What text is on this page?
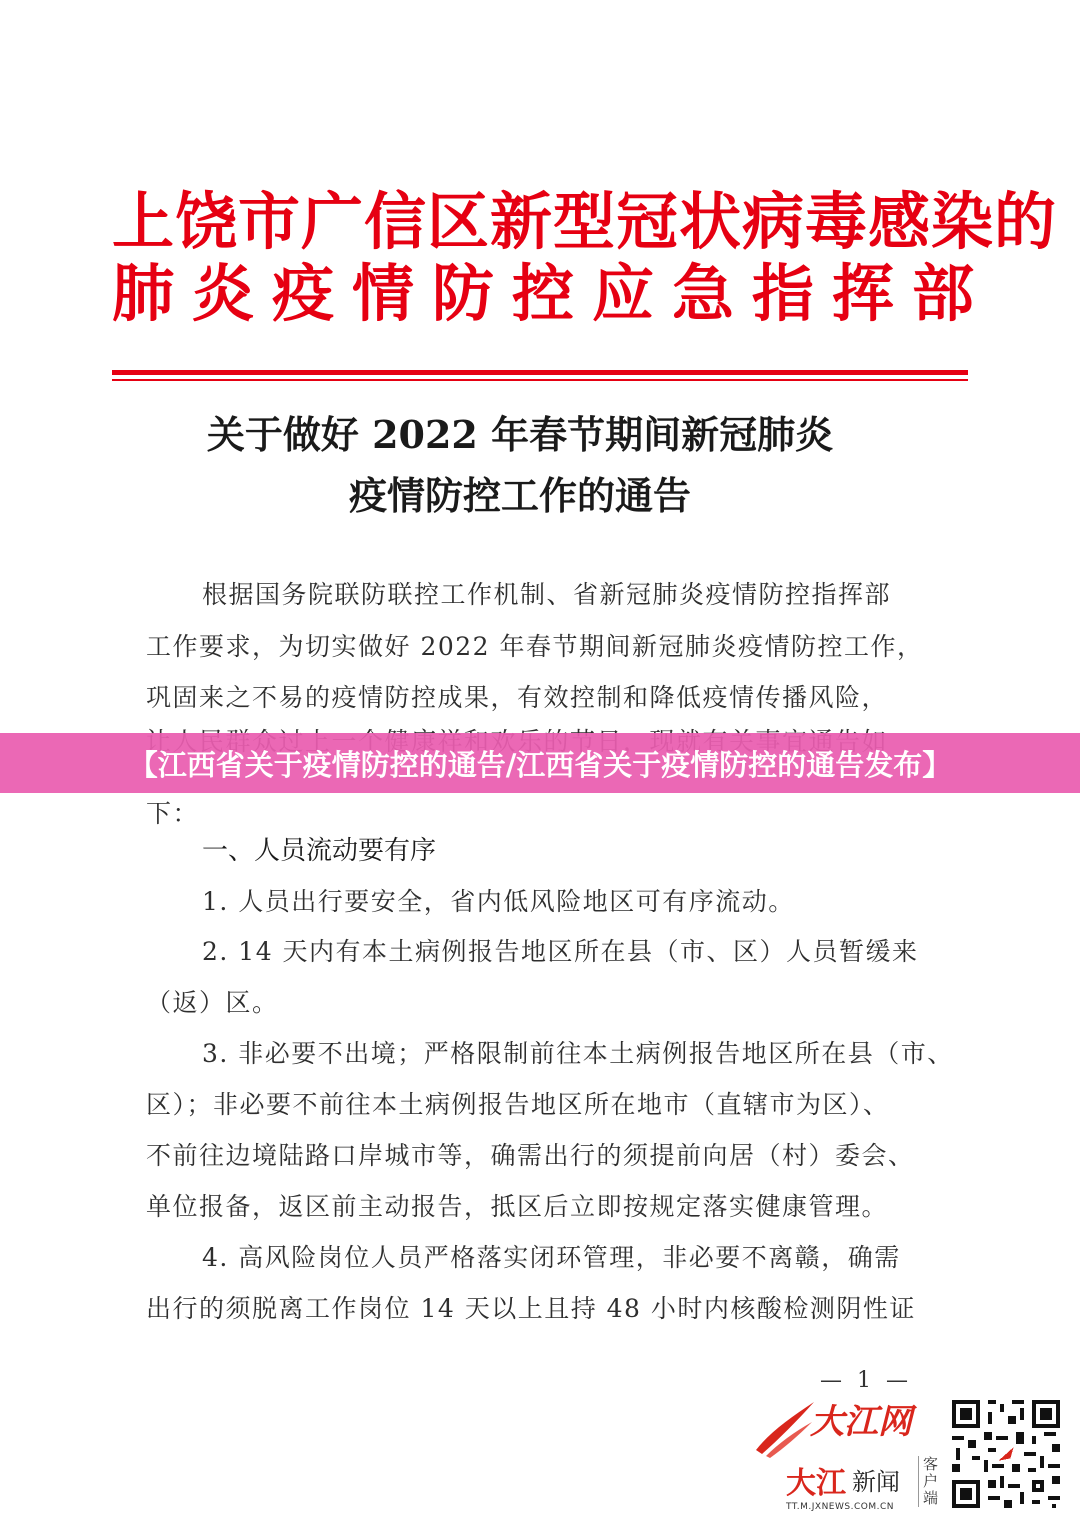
上饶市广信区新型冠状病毒感染的
肺炎疫情防控应急指挥部
关于做好 2022 年春节期间新冠肺炎
疫情防控工作的通告
根据国务院联防联控工作机制、省新冠肺炎疫情防控指挥部
工作要求，为切实做好 2022 年春节期间新冠肺炎疫情防控工作，
巩固来之不易的疫情防控成果，有效控制和降低疫情传播风险，
下：
一、人员流动要有序
1. 人员出行要安全，省内低风险地区可有序流动。
2. 14 天内有本土病例报告地区所在县（市、区）人员暂缓来
（返）区。
3. 非必要不出境；严格限制前往本土病例报告地区所在县（市、
区）；非必要不前往本土病例报告地区所在地市（直辖市为区）、
不前往边境陆路口岸城市等，确需出行的须提前向居（村）委会、
单位报备，返区前主动报告，抵区后立即按规定落实健康管理。
4. 高风险岗位人员严格落实闭环管理，非必要不离赣，确需
出行的须脱离工作岗位 14 天以上且持 48 小时内核酸检测阴性证
【江西省关于疫情防控的通告/江西省关于疫情防控的通告发布】
— 1 —
大江网
大江 新闻
TT.M.JXNEWS.COM.CN
客户端
